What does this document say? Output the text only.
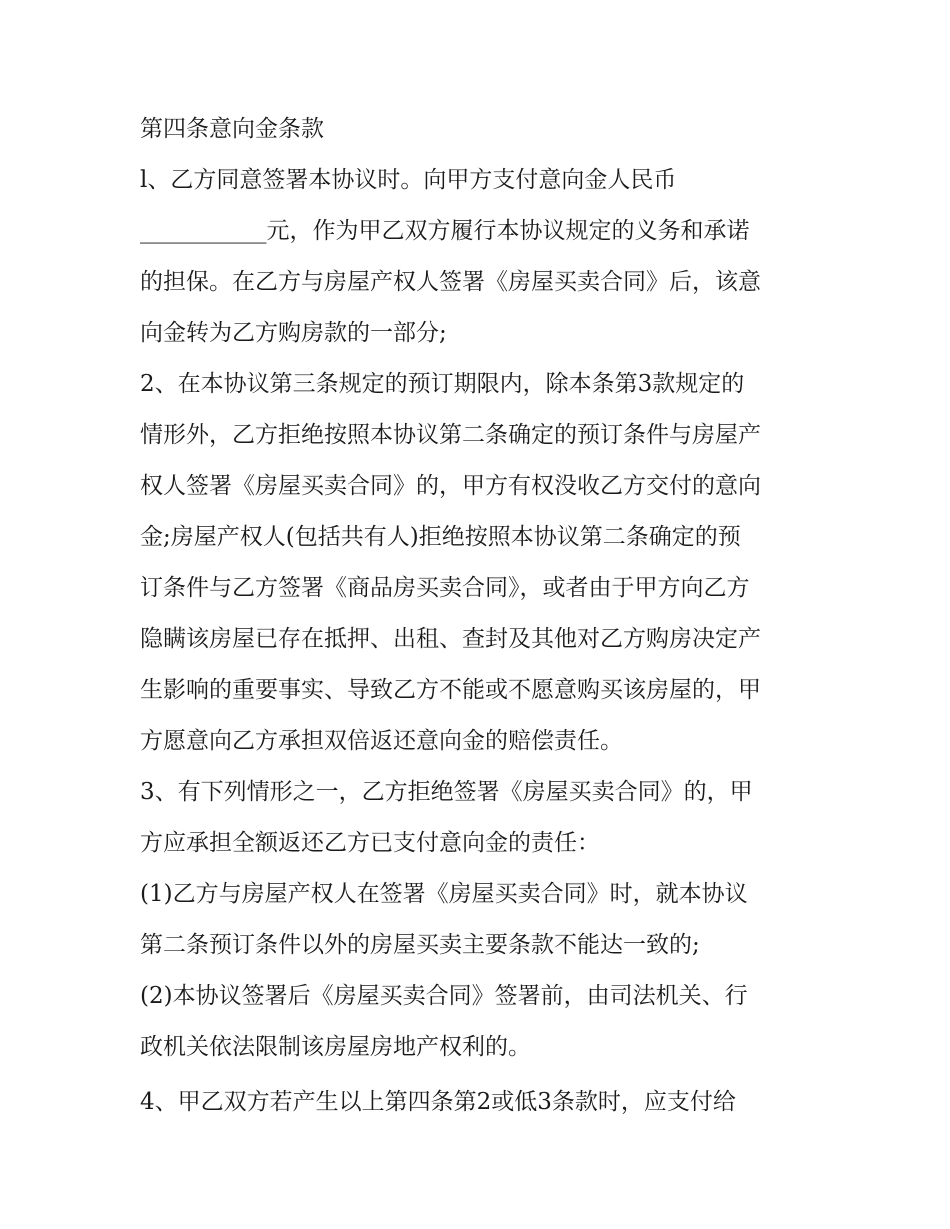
第四条意向金条款
l、乙方同意签署本协议时。向甲方支付意向金人民币
___________元，作为甲乙双方履行本协议规定的义务和承诺
的担保。在乙方与房屋产权人签署《房屋买卖合同》后，该意
向金转为乙方购房款的一部分;
2、在本协议第三条规定的预订期限内，除本条第3款规定的
情形外，乙方拒绝按照本协议第二条确定的预订条件与房屋产
权人签署《房屋买卖合同》的，甲方有权没收乙方交付的意向
金;房屋产权人(包括共有人)拒绝按照本协议第二条确定的预
订条件与乙方签署《商品房买卖合同》，或者由于甲方向乙方
隐瞒该房屋已存在抵押、出租、查封及其他对乙方购房决定产
生影响的重要事实、导致乙方不能或不愿意购买该房屋的，甲
方愿意向乙方承担双倍返还意向金的赔偿责任。
3、有下列情形之一，乙方拒绝签署《房屋买卖合同》的，甲
方应承担全额返还乙方已支付意向金的责任：
(1)乙方与房屋产权人在签署《房屋买卖合同》时，就本协议
第二条预订条件以外的房屋买卖主要条款不能达一致的;
(2)本协议签署后《房屋买卖合同》签署前，由司法机关、行
政机关依法限制该房屋房地产权利的。
4、甲乙双方若产生以上第四条第2或低3条款时，应支付给
